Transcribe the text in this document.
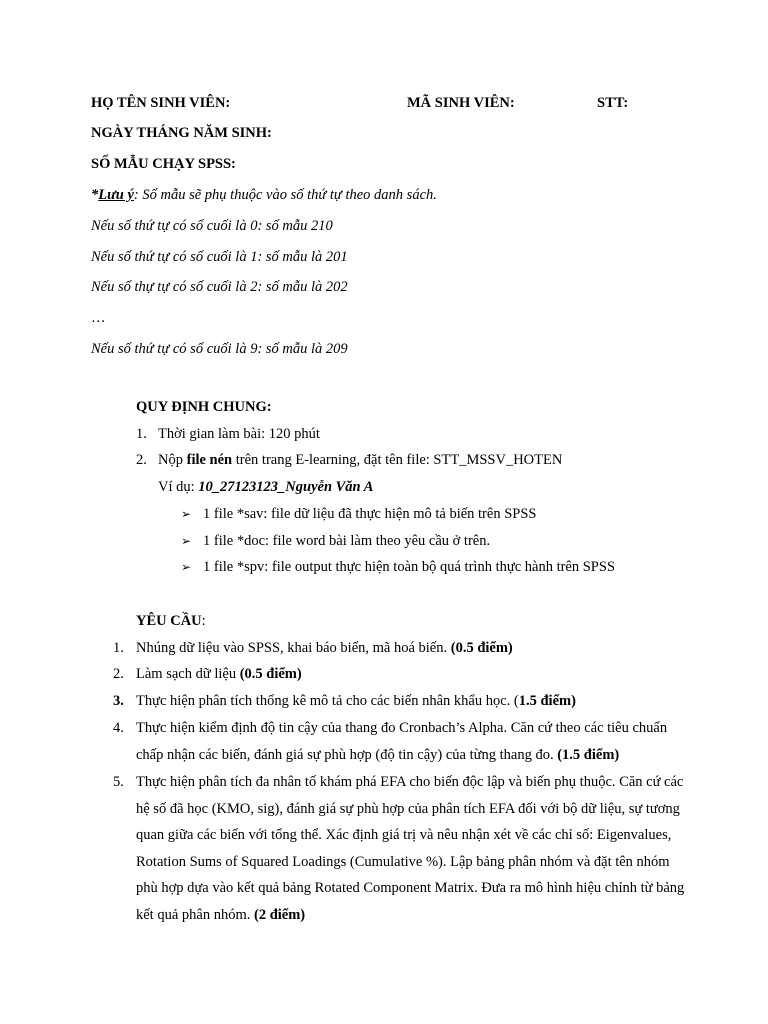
HỌ TÊN SINH VIÊN:	MÃ SINH VIÊN:	STT:
NGÀY THÁNG NĂM SINH:
SỐ MẪU CHẠY SPSS:
*Lưu ý: Số mẫu sẽ phụ thuộc vào số thứ tự theo danh sách.
Nếu số thứ tự có số cuối là 0: số mẫu 210
Nếu số thứ tự có số cuối là 1: số mẫu là 201
Nếu số thự tự có số cuối là 2: số mẫu là 202
…
Nếu số thứ tự có số cuối là 9: số mẫu là 209
QUY ĐỊNH CHUNG:
1. Thời gian làm bài: 120 phút
2. Nộp file nén trên trang E-learning, đặt tên file: STT_MSSV_HOTEN
Ví dụ: 10_27123123_Nguyễn Văn A
➢ 1 file *sav: file dữ liệu đã thực hiện mô tả biến trên SPSS
➢ 1 file *doc: file word bài làm theo yêu cầu ở trên.
➢ 1 file *spv: file output thực hiện toàn bộ quá trình thực hành trên SPSS
YÊU CẦU:
1. Nhúng dữ liệu vào SPSS, khai báo biến, mã hoá biến. (0.5 điểm)
2. Làm sạch dữ liệu (0.5 điểm)
3. Thực hiện phân tích thống kê mô tả cho các biến nhân khẩu học. (1.5 điểm)
4. Thực hiện kiểm định độ tin cậy của thang đo Cronbach’s Alpha. Căn cứ theo các tiêu chuẩn chấp nhận các biến, đánh giá sự phù hợp (độ tin cậy) của từng thang đo. (1.5 điểm)
5. Thực hiện phân tích đa nhân tố khám phá EFA cho biến độc lập và biến phụ thuộc. Căn cứ các hệ số đã học (KMO, sig), đánh giá sự phù hợp của phân tích EFA đối với bộ dữ liệu, sự tương quan giữa các biến với tổng thể. Xác định giá trị và nêu nhận xét về các chỉ số: Eigenvalues, Rotation Sums of Squared Loadings (Cumulative %). Lập bảng phân nhóm và đặt tên nhóm phù hợp dựa vào kết quả bảng Rotated Component Matrix. Đưa ra mô hình hiệu chỉnh từ bảng kết quả phân nhóm. (2 điểm)
